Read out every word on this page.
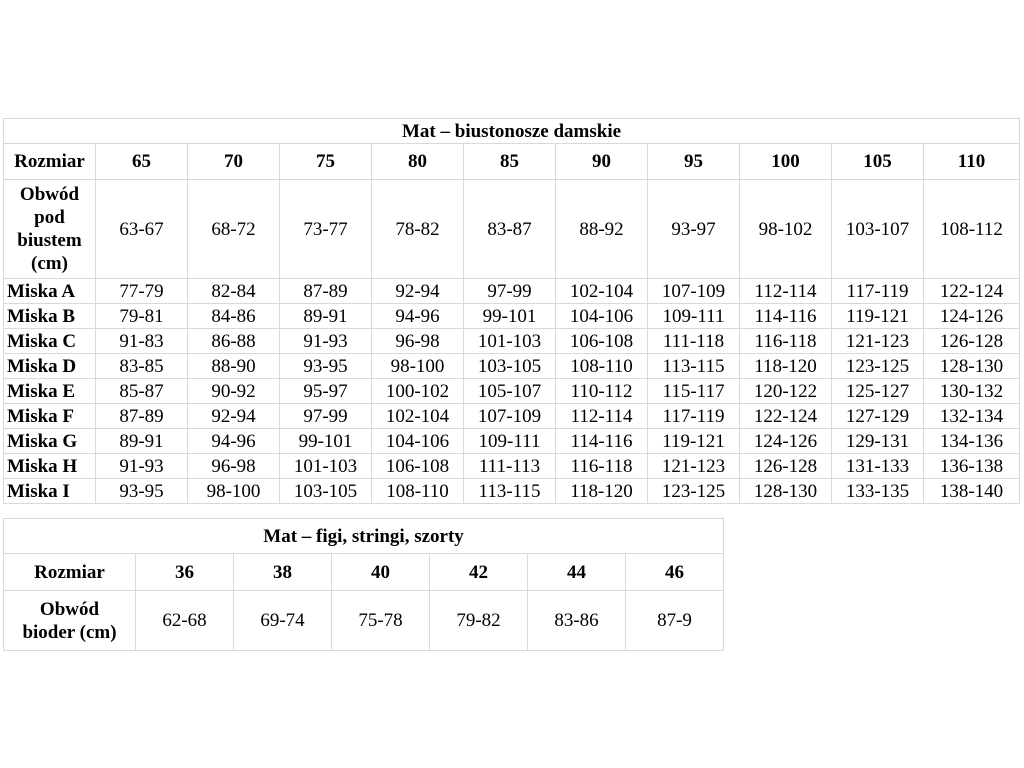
Mat – biustonosze damskie										
Rozmiar	65	70	75	80	85	90	95	100	105	110

Obwód
pod
biustem
(cm)	63-67	68-72	73-77	78-82	83-87	88-92	93-97	98-102	103-107	108-112
Miska A	77-79	82-84	87-89	92-94	97-99	102-104	107-109	112-114	117-119	122-124
Miska B	79-81	84-86	89-91	94-96	99-101	104-106	109-111	114-116	119-121	124-126
Miska C	91-83	86-88	91-93	96-98	101-103	106-108	111-118	116-118	121-123	126-128
Miska D	83-85	88-90	93-95	98-100	103-105	108-110	113-115	118-120	123-125	128-130
Miska E	85-87	90-92	95-97	100-102	105-107	110-112	115-117	120-122	125-127	130-132
Miska F	87-89	92-94	97-99	102-104	107-109	112-114	117-119	122-124	127-129	132-134
Miska G	89-91	94-96	99-101	104-106	109-111	114-116	119-121	124-126	129-131	134-136
Miska H	91-93	96-98	101-103	106-108	111-113	116-118	121-123	126-128	131-133	136-138
Miska I	93-95	98-100	103-105	108-110	113-115	118-120	123-125	128-130	133-135	138-140
Mat – figi, stringi, szorty						
Rozmiar	36	38	40	42	44	46

Obwód
bioder (cm)	62-68	69-74	75-78	79-82	83-86	87-9
